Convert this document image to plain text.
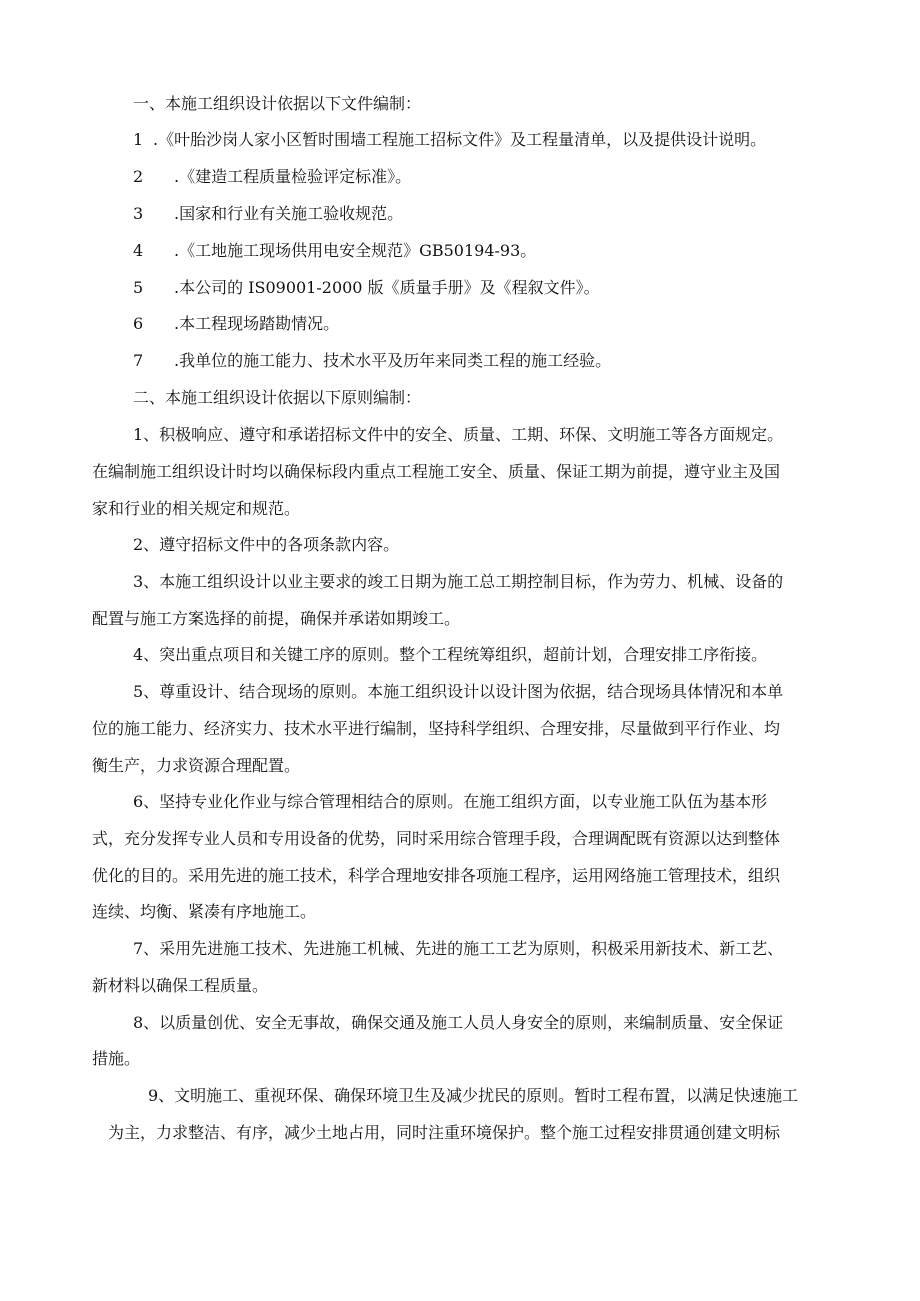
一、本施工组织设计依据以下文件编制：
1 .《叶胎沙岗人家小区暂时围墙工程施工招标文件》及工程量清单，以及提供设计说明。
2 .《建造工程质量检验评定标准》。
3 .国家和行业有关施工验收规范。
4 .《工地施工现场供用电安全规范》GB50194-93。
5 .本公司的 IS09001-2000 版《质量手册》及《程叙文件》。
6 .本工程现场踏勘情况。
7 .我单位的施工能力、技术水平及历年来同类工程的施工经验。
二、本施工组织设计依据以下原则编制：
1、积极响应、遵守和承诺招标文件中的安全、质量、工期、环保、文明施工等各方面规定。
在编制施工组织设计时均以确保标段内重点工程施工安全、质量、保证工期为前提，遵守业主及国
家和行业的相关规定和规范。
2、遵守招标文件中的各项条款内容。
3、本施工组织设计以业主要求的竣工日期为施工总工期控制目标，作为劳力、机械、设备的
配置与施工方案选择的前提，确保并承诺如期竣工。
4、突出重点项目和关键工序的原则。整个工程统筹组织，超前计划，合理安排工序衔接。
5、尊重设计、结合现场的原则。本施工组织设计以设计图为依据，结合现场具体情况和本单
位的施工能力、经济实力、技术水平进行编制，坚持科学组织、合理安排，尽量做到平行作业、均
衡生产，力求资源合理配置。
6、坚持专业化作业与综合管理相结合的原则。在施工组织方面，以专业施工队伍为基本形
式，充分发挥专业人员和专用设备的优势，同时采用综合管理手段，合理调配既有资源以达到整体
优化的目的。采用先进的施工技术，科学合理地安排各项施工程序，运用网络施工管理技术，组织
连续、均衡、紧凑有序地施工。
7、采用先进施工技术、先进施工机械、先进的施工工艺为原则，积极采用新技术、新工艺、
新材料以确保工程质量。
8、以质量创优、安全无事故，确保交通及施工人员人身安全的原则，来编制质量、安全保证
措施。
9、文明施工、重视环保、确保环境卫生及减少扰民的原则。暂时工程布置，以满足快速施工
为主，力求整洁、有序，减少土地占用，同时注重环境保护。整个施工过程安排贯通创建文明标
